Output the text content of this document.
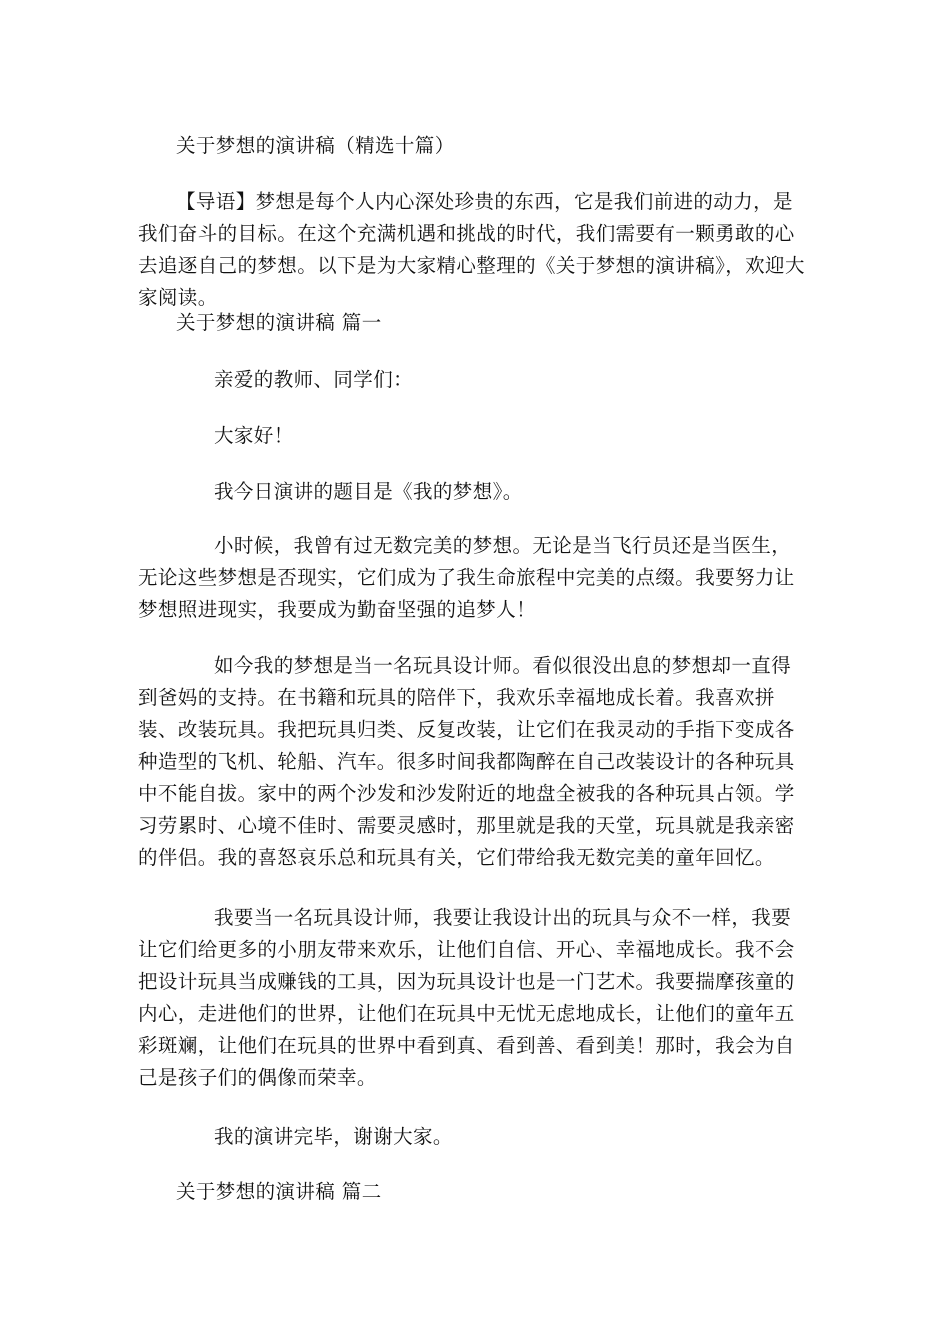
关于梦想的演讲稿（精选十篇）

【导语】梦想是每个人内心深处珍贵的东西，它是我们前进的动力，是我们奋斗的目标。在这个充满机遇和挑战的时代，我们需要有一颗勇敢的心去追逐自己的梦想。以下是为大家精心整理的《关于梦想的演讲稿》，欢迎大家阅读。

关于梦想的演讲稿 篇一

亲爱的教师、同学们：

大家好！

我今日演讲的题目是《我的梦想》。

小时候，我曾有过无数完美的梦想。无论是当飞行员还是当医生，无论这些梦想是否现实，它们成为了我生命旅程中完美的点缀。我要努力让梦想照进现实，我要成为勤奋坚强的追梦人！

如今我的梦想是当一名玩具设计师。看似很没出息的梦想却一直得到爸妈的支持。在书籍和玩具的陪伴下，我欢乐幸福地成长着。我喜欢拼装、改装玩具。我把玩具归类、反复改装，让它们在我灵动的手指下变成各种造型的飞机、轮船、汽车。很多时间我都陶醉在自己改装设计的各种玩具中不能自拔。家中的两个沙发和沙发附近的地盘全被我的各种玩具占领。学习劳累时、心境不佳时、需要灵感时，那里就是我的天堂，玩具就是我亲密的伴侣。我的喜怒哀乐总和玩具有关，它们带给我无数完美的童年回忆。

我要当一名玩具设计师，我要让我设计出的玩具与众不一样，我要让它们给更多的小朋友带来欢乐，让他们自信、开心、幸福地成长。我不会把设计玩具当成赚钱的工具，因为玩具设计也是一门艺术。我要揣摩孩童的内心，走进他们的世界，让他们在玩具中无忧无虑地成长，让他们的童年五彩斑斓，让他们在玩具的世界中看到真、看到善、看到美！那时，我会为自己是孩子们的偶像而荣幸。

我的演讲完毕，谢谢大家。

关于梦想的演讲稿 篇二
